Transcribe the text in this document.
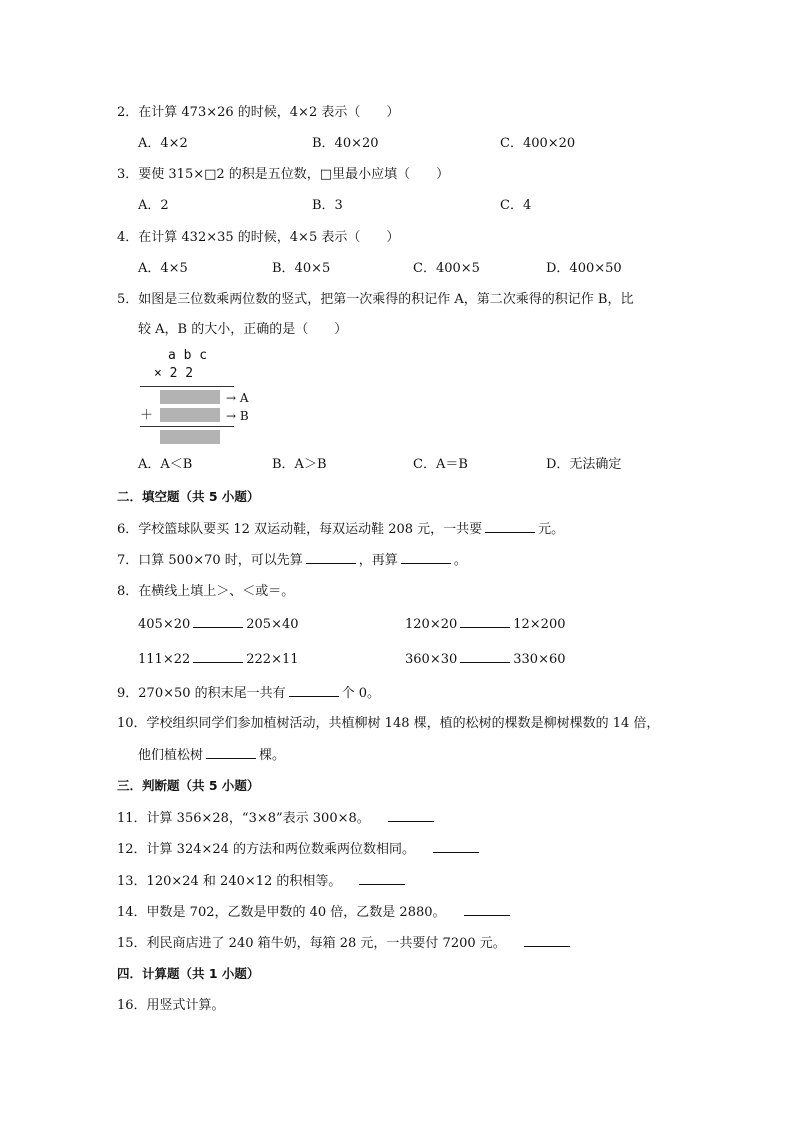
2．在计算 473×26 的时候，4×2 表示（　　）
A．4×2	B．40×20	C．400×20
3．要使 315×□2 的积是五位数，□里最小应填（　　）
A．2	B．3	C．4
4．在计算 432×35 的时候，4×5 表示（　　）
A．4×5	B．40×5	C．400×5	D．400×50
5．如图是三位数乘两位数的竖式，把第一次乘得的积记作 A，第二次乘得的积记作 B，比
较 A，B 的大小，正确的是（　　）
a b c
× 2 2
→ A
＋	→ B
A．A＜B	B．A＞B	C．A＝B	D．无法确定
二．填空题（共 5 小题）
6．学校篮球队要买 12 双运动鞋，每双运动鞋 208 元，一共要	元。
7．口算 500×70 时，可以先算	，再算	。
8．在横线上填上＞、＜或＝。
405×20	205×40	120×20	12×200
111×22	222×11	360×30	330×60
9．270×50 的积末尾一共有	个 0。
10．学校组织同学们参加植树活动，共植柳树 148 棵，植的松树的棵数是柳树棵数的 14 倍，
他们植松树	棵。
三．判断题（共 5 小题）
11．计算 356×28，“3×8”表示 300×8。
12．计算 324×24 的方法和两位数乘两位数相同。
13．120×24 和 240×12 的积相等。
14．甲数是 702，乙数是甲数的 40 倍，乙数是 2880。
15．利民商店进了 240 箱牛奶，每箱 28 元，一共要付 7200 元。
四．计算题（共 1 小题）
16．用竖式计算。
